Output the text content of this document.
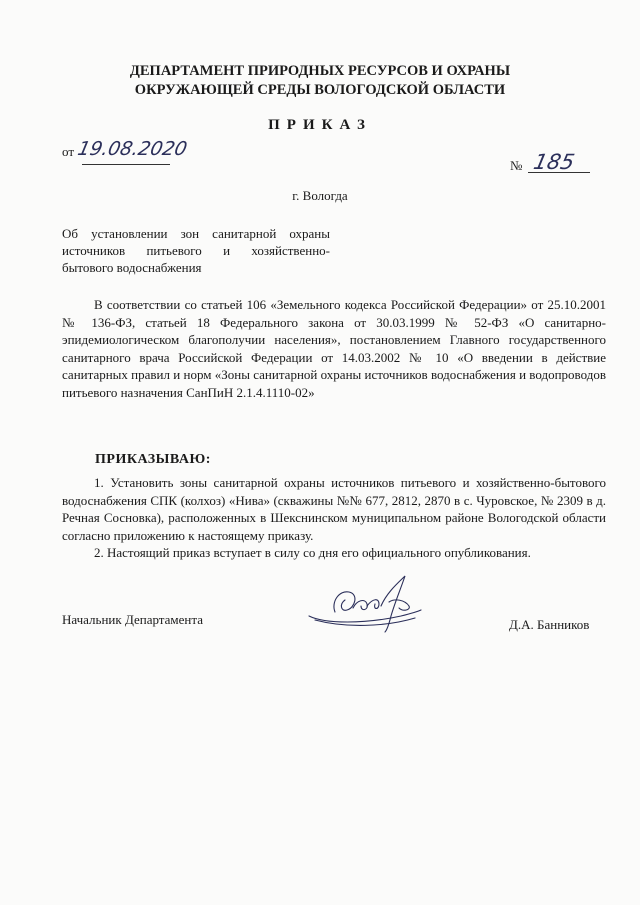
ДЕПАРТАМЕНТ ПРИРОДНЫХ РЕСУРСОВ И ОХРАНЫ
ОКРУЖАЮЩЕЙ СРЕДЫ ВОЛОГОДСКОЙ ОБЛАСТИ
ПРИКАЗ
от 19.08.2020
№ 185
г. Вологда
Об установлении зон санитарной охраны
источников питьевого и хозяйственно-
бытового водоснабжения

В соответствии со статьей 106 «Земельного кодекса Российской Федерации» от 25.10.2001 № 136-ФЗ, статьей 18 Федерального закона от 30.03.1999 № 52-ФЗ «О санитарно-эпидемиологическом благополучии населения», постановлением Главного государственного санитарного врача Российской Федерации от 14.03.2002 № 10 «О введении в действие санитарных правил и норм «Зоны санитарной охраны источников водоснабжения и водопроводов питьевого назначения СанПиН 2.1.4.1110-02»

ПРИКАЗЫВАЮ:

1. Установить зоны санитарной охраны источников питьевого и хозяйственно-бытового водоснабжения СПК (колхоз) «Нива» (скважины №№ 677, 2812, 2870 в с. Чуровское, № 2309 в д. Речная Сосновка), расположенных в Шекснинском муниципальном районе Вологодской области согласно приложению к настоящему приказу.

2. Настоящий приказ вступает в силу со дня его официального опубликования.

Начальник Департамента	Д.А. Банников
